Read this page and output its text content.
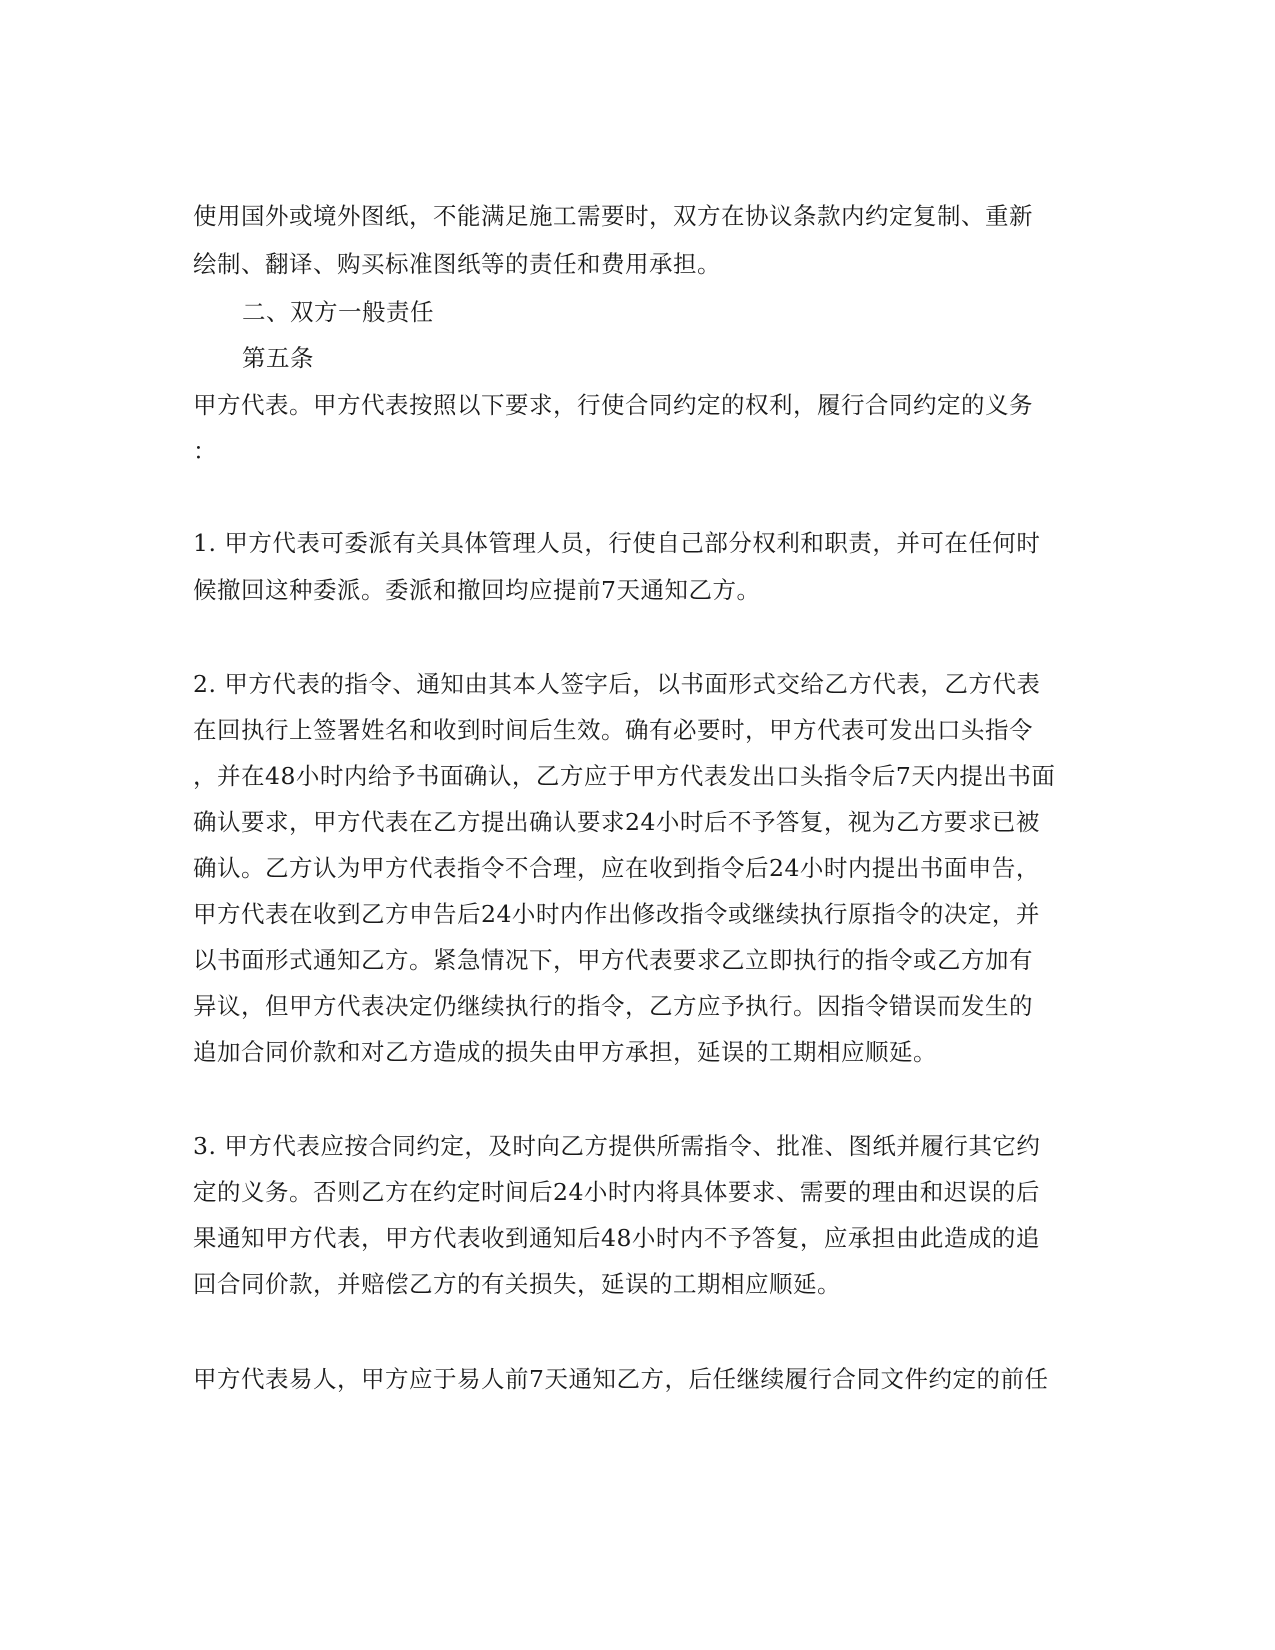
使用国外或境外图纸，不能满足施工需要时，双方在协议条款内约定复制、重新
绘制、翻译、购买标准图纸等的责任和费用承担。
二、双方一般责任
第五条
甲方代表。甲方代表按照以下要求，行使合同约定的权利，履行合同约定的义务
：
1. 甲方代表可委派有关具体管理人员，行使自己部分权利和职责，并可在任何时
候撤回这种委派。委派和撤回均应提前7天通知乙方。
2. 甲方代表的指令、通知由其本人签字后，以书面形式交给乙方代表，乙方代表
在回执行上签署姓名和收到时间后生效。确有必要时，甲方代表可发出口头指令
，并在48小时内给予书面确认，乙方应于甲方代表发出口头指令后7天内提出书面
确认要求，甲方代表在乙方提出确认要求24小时后不予答复，视为乙方要求已被
确认。乙方认为甲方代表指令不合理，应在收到指令后24小时内提出书面申告，
甲方代表在收到乙方申告后24小时内作出修改指令或继续执行原指令的决定，并
以书面形式通知乙方。紧急情况下，甲方代表要求乙立即执行的指令或乙方加有
异议，但甲方代表决定仍继续执行的指令，乙方应予执行。因指令错误而发生的
追加合同价款和对乙方造成的损失由甲方承担，延误的工期相应顺延。
3. 甲方代表应按合同约定，及时向乙方提供所需指令、批准、图纸并履行其它约
定的义务。否则乙方在约定时间后24小时内将具体要求、需要的理由和迟误的后
果通知甲方代表，甲方代表收到通知后48小时内不予答复，应承担由此造成的追
回合同价款，并赔偿乙方的有关损失，延误的工期相应顺延。
甲方代表易人，甲方应于易人前7天通知乙方，后任继续履行合同文件约定的前任
